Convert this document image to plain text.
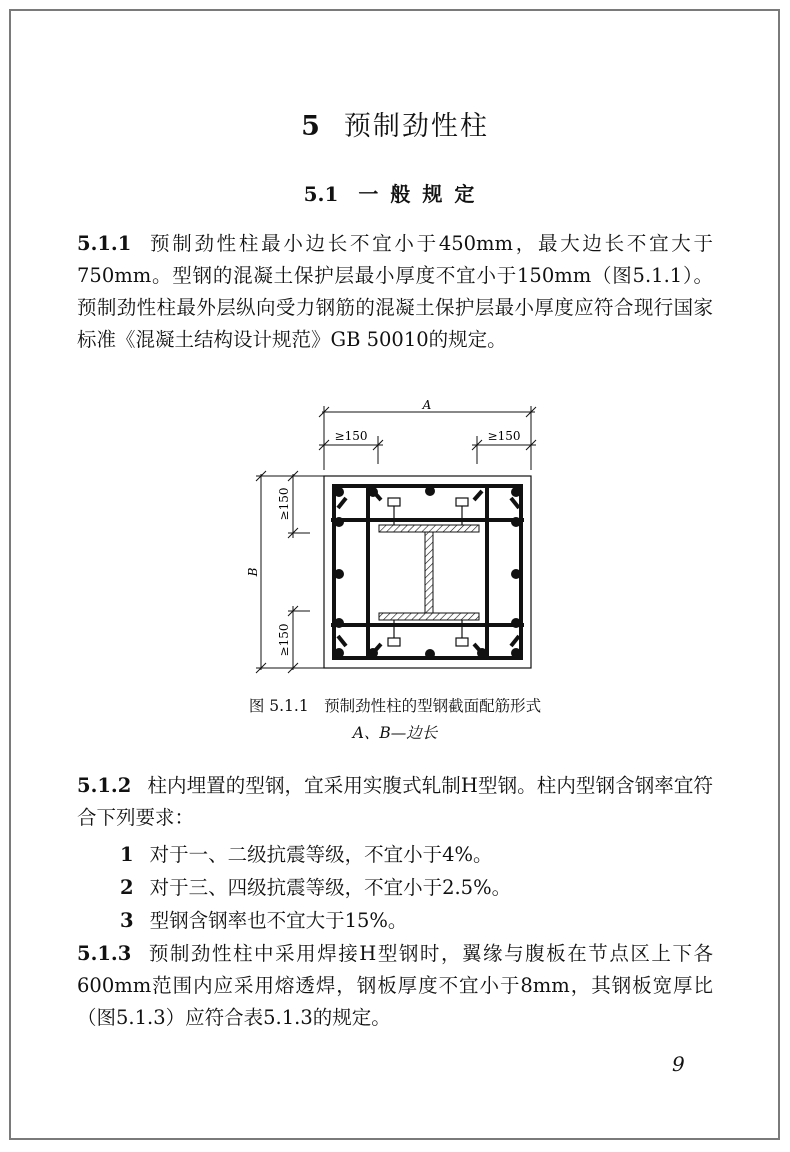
5 预制劲性柱
5.1 一般规定

5.1.1 预制劲性柱最小边长不宜小于450mm，最大边长不宜大于750mm。型钢的混凝土保护层最小厚度不宜小于150mm（图5.1.1）。预制劲性柱最外层纵向受力钢筋的混凝土保护层最小厚度应符合现行国家标准《混凝土结构设计规范》GB 50010的规定。

A
≥150	≥150
B
≥150
≥150
图 5.1.1　预制劲性柱的型钢截面配筋形式
A、B—边长

5.1.2 柱内埋置的型钢，宜采用实腹式轧制H型钢。柱内型钢含钢率宜符合下列要求：

1 对于一、二级抗震等级，不宜小于4%。

2 对于三、四级抗震等级，不宜小于2.5%。

3 型钢含钢率也不宜大于15%。

5.1.3 预制劲性柱中采用焊接H型钢时，翼缘与腹板在节点区上下各600mm范围内应采用熔透焊，钢板厚度不宜小于8mm，其钢板宽厚比（图5.1.3）应符合表5.1.3的规定。

9
